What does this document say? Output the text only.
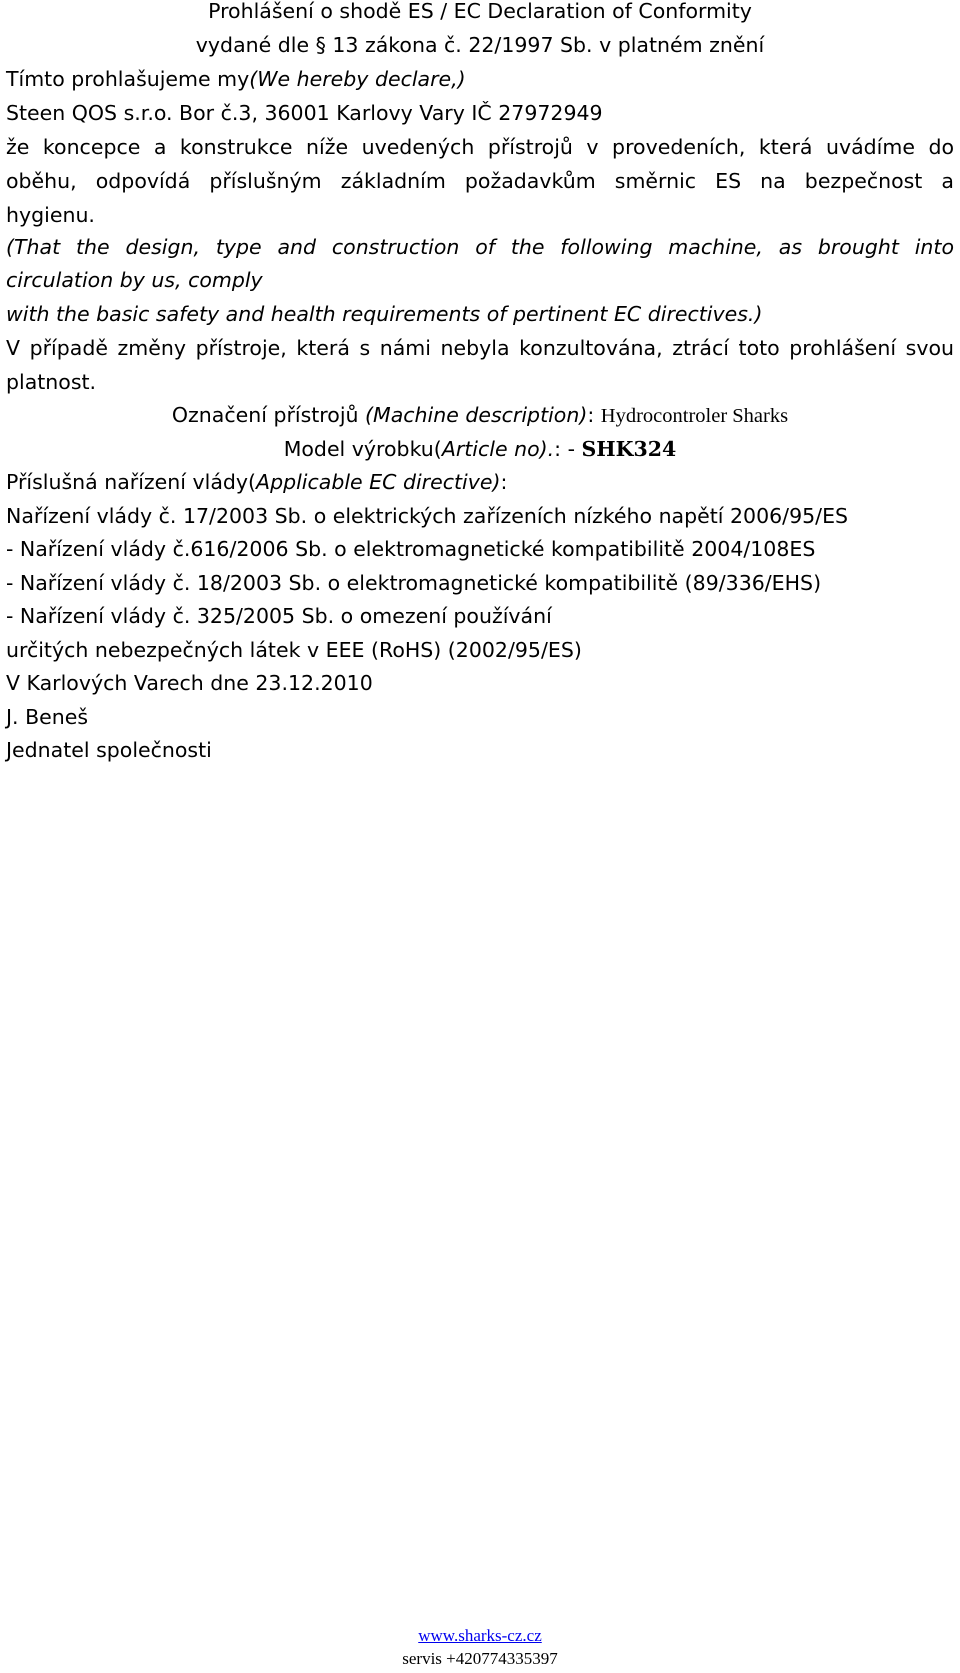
Prohlášení o shodě ES / EC Declaration of Conformity
vydané dle § 13 zákona č. 22/1997 Sb. v platném znění
Tímto prohlašujeme my(We hereby declare,)
Steen QOS s.r.o. Bor č.3, 36001 Karlovy Vary IČ 27972949
že koncepce a konstrukce níže uvedených přístrojů v provedeních, která uvádíme do
oběhu, odpovídá příslušným základním požadavkům směrnic ES na bezpečnost a
hygienu.
(That the design, type and construction of the following machine, as brought into
circulation by us, comply
with the basic safety and health requirements of pertinent EC directives.)
V případě změny přístroje, která s námi nebyla konzultována, ztrácí toto prohlášení svou
platnost.
Označení přístrojů (Machine description): Hydrocontroler Sharks
Model výrobku(Article no).: - SHK324
Příslušná nařízení vlády(Applicable EC directive):
Nařízení vlády č. 17/2003 Sb. o elektrických zařízeních nízkého napětí 2006/95/ES
- Nařízení vlády č.616/2006 Sb. o elektromagnetické kompatibilitě 2004/108ES
- Nařízení vlády č. 18/2003 Sb. o elektromagnetické kompatibilitě (89/336/EHS)
- Nařízení vlády č. 325/2005 Sb. o omezení používání
určitých nebezpečných látek v EEE (RoHS) (2002/95/ES)
V Karlových Varech dne 23.12.2010
J. Beneš
Jednatel společnosti
www.sharks-cz.cz
servis +420774335397
